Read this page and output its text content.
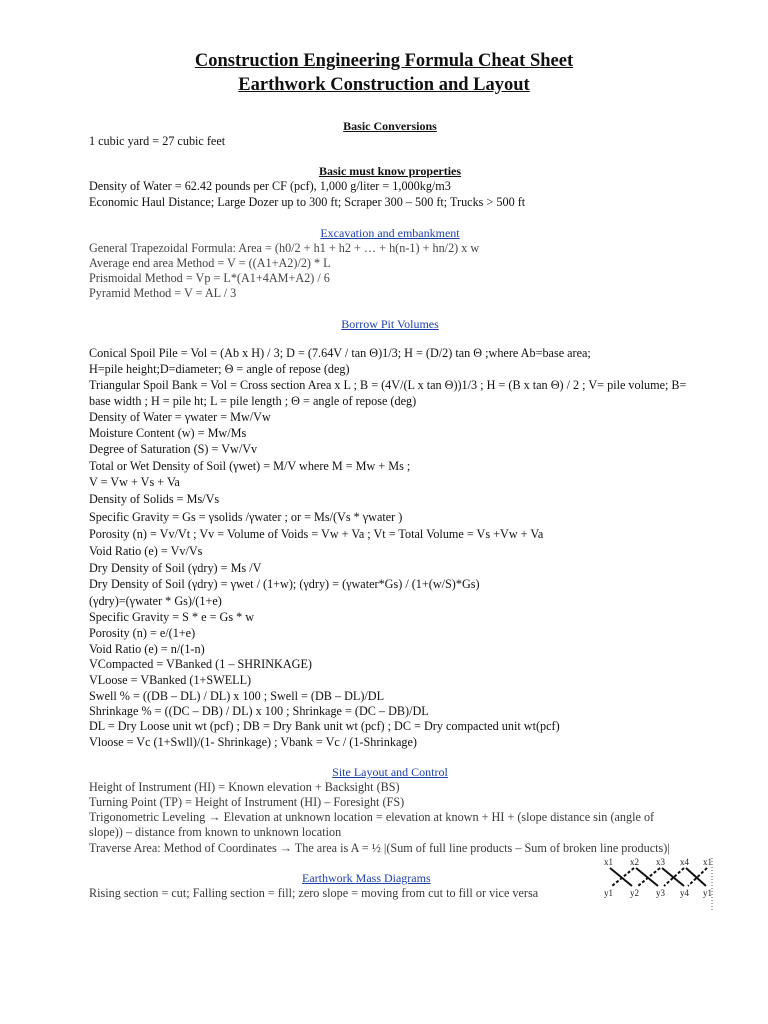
Construction Engineering Formula Cheat Sheet
Earthwork Construction and Layout
Basic Conversions
1 cubic yard = 27 cubic feet
Basic must know properties
Density of Water = 62.42 pounds per CF (pcf), 1,000 g/liter = 1,000kg/m3
Economic Haul Distance; Large Dozer up to 300 ft; Scraper 300 – 500 ft; Trucks > 500 ft
Excavation and embankment
General Trapezoidal Formula: Area = (h0/2 + h1 + h2 + … + h(n-1) + hn/2) x w
Average end area Method = V = ((A1+A2)/2) * L
Prismoidal Method = Vp = L*(A1+4AM+A2) / 6
Pyramid Method = V = AL / 3
Borrow Pit Volumes
Conical Spoil Pile = Vol = (Ab x H) / 3; D = (7.64V / tan Θ)1/3; H = (D/2) tan Θ ;where Ab=base area;
H=pile height;D=diameter; Θ = angle of repose (deg)
Triangular Spoil Bank = Vol = Cross section Area x L ; B = (4V/(L x tan Θ))1/3 ; H = (B x tan Θ) / 2 ; V= pile volume; B=
base width ; H = pile ht; L = pile length ; Θ = angle of repose (deg)
Density of Water = γwater = Mw/Vw
Moisture Content (w) = Mw/Ms
Degree of Saturation (S) = Vw/Vv
Total or Wet Density of Soil (γwet) = M/V where M = Mw + Ms ;
V = Vw + Vs + Va
Density of Solids = Ms/Vs
Specific Gravity = Gs = γsolids /γwater ; or = Ms/(Vs * γwater )
Porosity (n) = Vv/Vt ; Vv = Volume of Voids = Vw + Va ; Vt = Total Volume = Vs +Vw + Va
Void Ratio (e) = Vv/Vs
Dry Density of Soil (γdry) = Ms /V
Dry Density of Soil (γdry) = γwet / (1+w); (γdry) = (γwater*Gs) / (1+(w/S)*Gs)
(γdry)=(γwater * Gs)/(1+e)
Specific Gravity = S * e = Gs * w
Porosity (n) = e/(1+e)
Void Ratio (e) = n/(1-n)
VCompacted = VBanked (1 – SHRINKAGE)
VLoose = VBanked (1+SWELL)
Swell % = ((DB – DL) / DL) x 100 ; Swell = (DB – DL)/DL
Shrinkage % = ((DC – DB) / DL) x 100 ; Shrinkage = (DC – DB)/DL
DL = Dry Loose unit wt (pcf) ; DB = Dry Bank unit wt (pcf) ; DC = Dry compacted unit wt(pcf)
Vloose = Vc (1+Swll)/(1- Shrinkage) ; Vbank = Vc / (1-Shrinkage)
Site Layout and Control
Height of Instrument (HI) = Known elevation + Backsight (BS)
Turning Point (TP) = Height of Instrument (HI) – Foresight (FS)
Trigonometric Leveling → Elevation at unknown location = elevation at known + HI + (slope distance sin (angle of
slope)) – distance from known to unknown location
Traverse Area: Method of Coordinates → The area is A = ½ |(Sum of full line products – Sum of broken line products)|
Earthwork Mass Diagrams
Rising section = cut; Falling section = fill; zero slope = moving from cut to fill or vice versa
x1 x2 x3 x4 x1
y1 y2 y3 y4 y1
